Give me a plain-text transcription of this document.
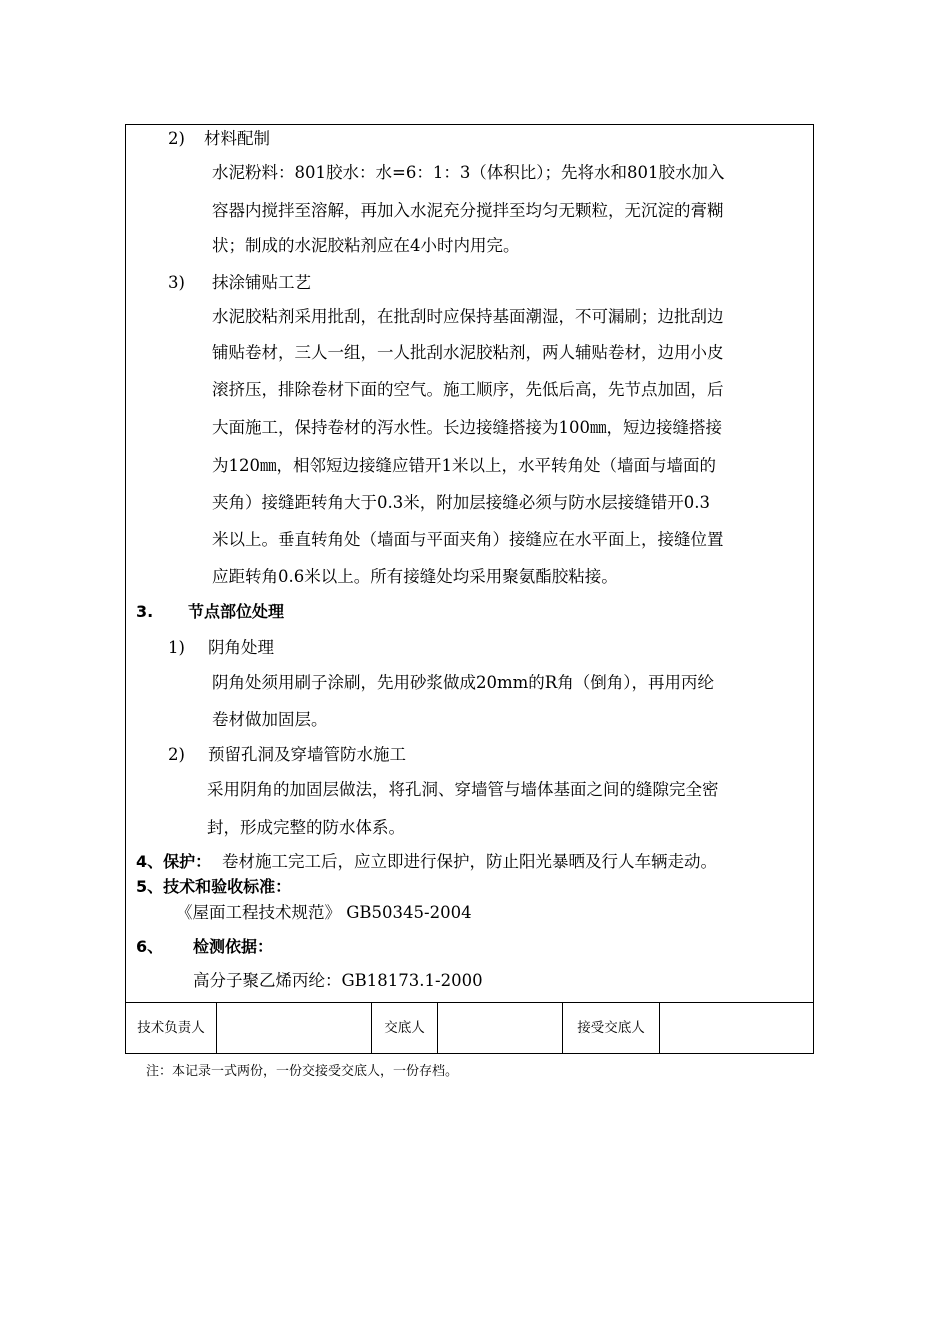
2) 材料配制
水泥粉料：801胶水：水=6：1：3（体积比）；先将水和801胶水加入
容器内搅拌至溶解，再加入水泥充分搅拌至均匀无颗粒，无沉淀的膏糊
状；制成的水泥胶粘剂应在4小时内用完。
3) 抹涂铺贴工艺
水泥胶粘剂采用批刮，在批刮时应保持基面潮湿，不可漏刷；边批刮边
铺贴卷材，三人一组，一人批刮水泥胶粘剂，两人辅贴卷材，边用小皮
滚挤压，排除卷材下面的空气。施工顺序，先低后高，先节点加固，后
大面施工，保持卷材的泻水性。长边接缝搭接为100㎜，短边接缝搭接
为120㎜，相邻短边接缝应错开1米以上，水平转角处（墙面与墙面的
夹角）接缝距转角大于0.3米，附加层接缝必须与防水层接缝错开0.3
米以上。垂直转角处（墙面与平面夹角）接缝应在水平面上，接缝位置
应距转角0.6米以上。所有接缝处均采用聚氨酯胶粘接。
3. 节点部位处理
1) 阴角处理
阴角处须用刷子涂刷，先用砂浆做成20mm的R角（倒角），再用丙纶
卷材做加固层。
2) 预留孔洞及穿墙管防水施工
采用阴角的加固层做法，将孔洞、穿墙管与墙体基面之间的缝隙完全密
封，形成完整的防水体系。
4、保护： 卷材施工完工后，应立即进行保护，防止阳光暴晒及行人车辆走动。
5、技术和验收标准：
《屋面工程技术规范》 GB50345-2004
6、 检测依据：
高分子聚乙烯丙纶：GB18173.1-2000
技术负责人	交底人	接受交底人
注：本记录一式两份，一份交接受交底人，一份存档。
